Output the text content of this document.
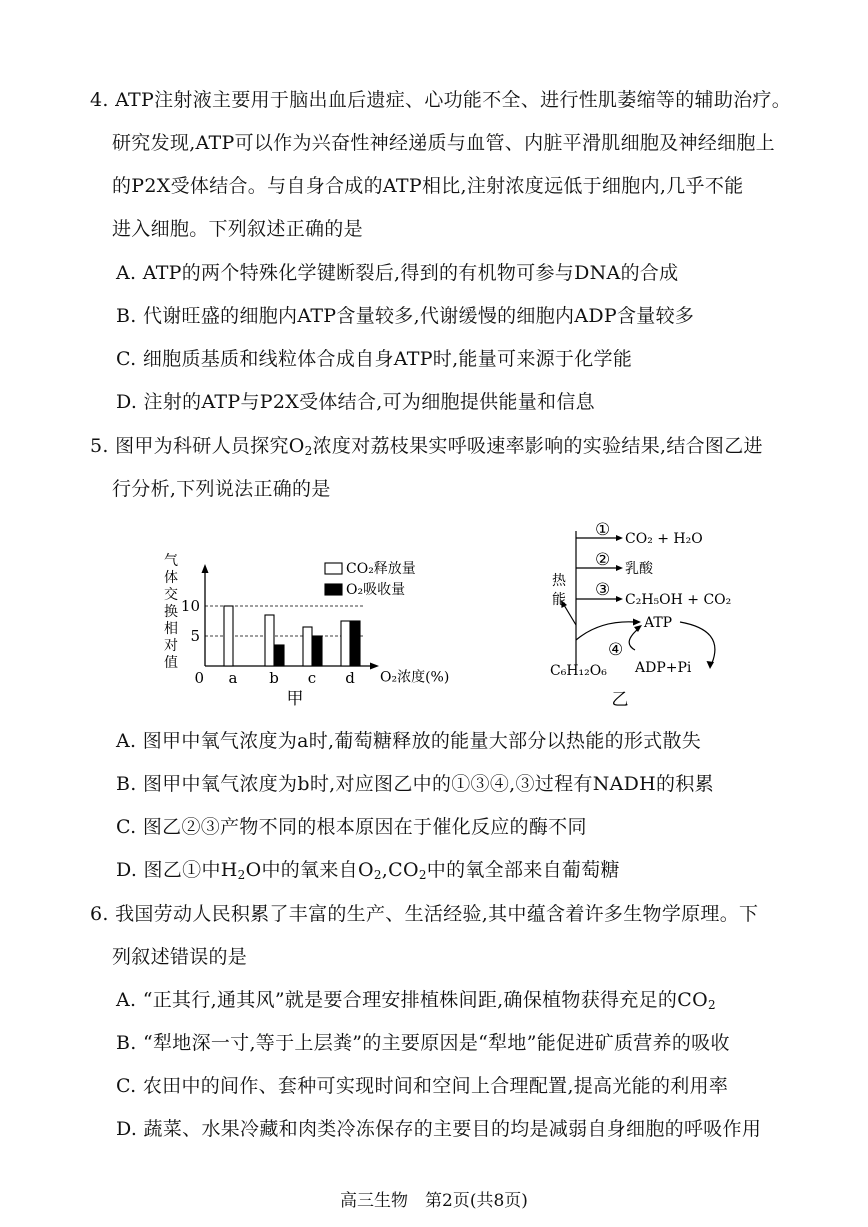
4. ATP注射液主要用于脑出血后遗症、心功能不全、进行性肌萎缩等的辅助治疗。
研究发现,ATP可以作为兴奋性神经递质与血管、内脏平滑肌细胞及神经细胞上
的P2X受体结合。与自身合成的ATP相比,注射浓度远低于细胞内,几乎不能
进入细胞。下列叙述正确的是
A. ATP的两个特殊化学键断裂后,得到的有机物可参与DNA的合成
B. 代谢旺盛的细胞内ATP含量较多,代谢缓慢的细胞内ADP含量较多
C. 细胞质基质和线粒体合成自身ATP时,能量可来源于化学能
D. 注射的ATP与P2X受体结合,可为细胞提供能量和信息
5. 图甲为科研人员探究$O_2$浓度对荔枝果实呼吸速率影响的实验结果,结合图乙进
行分析,下列说法正确的是
气
体
交
换
相
对
值
0	O₂浓度(%)
5
10
a b c d
CO₂释放量
O₂吸收量
甲
热
能
①
②
③
CO₂ + H₂O
乳酸
C₂H₅OH + CO₂
ATP
④
ADP+Pi
C₆H₁₂O₆
乙
A. 图甲中氧气浓度为a时,葡萄糖释放的能量大部分以热能的形式散失
B. 图甲中氧气浓度为b时,对应图乙中的①③④,③过程有NADH的积累
C. 图乙②③产物不同的根本原因在于催化反应的酶不同
D. 图乙①中$H_2O$中的氧来自$O_2,CO_2$中的氧全部来自葡萄糖
6. 我国劳动人民积累了丰富的生产、生活经验,其中蕴含着许多生物学原理。下
列叙述错误的是
A. “正其行,通其风”就是要合理安排植株间距,确保植物获得充足的$CO_2$
B. “犁地深一寸,等于上层粪”的主要原因是“犁地”能促进矿质营养的吸收
C. 农田中的间作、套种可实现时间和空间上合理配置,提高光能的利用率
D. 蔬菜、水果冷藏和肉类冷冻保存的主要目的均是减弱自身细胞的呼吸作用
高三生物　第2页(共8页)
